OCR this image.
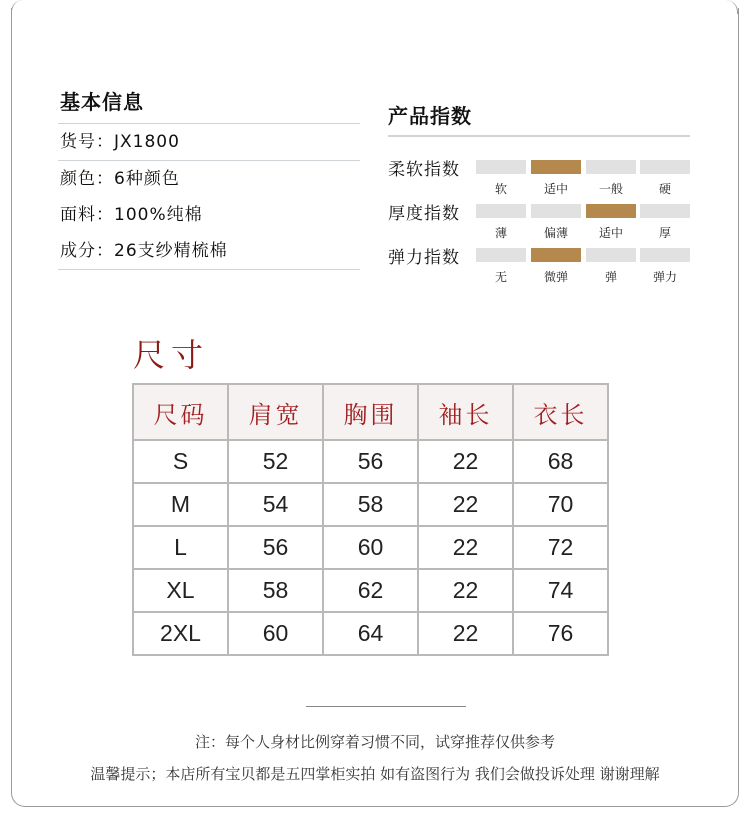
基本信息
货号：JX1800
颜色：6种颜色
面料：100%纯棉
成分：26支纱精梳棉
产品指数
柔软指数
软	适中	一般	硬
厚度指数
薄	偏薄	适中	厚
弹力指数
无	微弹	弹	弹力
尺寸
尺码	肩宽	胸围	袖长	衣长
S	52	56	22	68
M	54	58	22	70
L	56	60	22	72
XL	58	62	22	74
2XL	60	64	22	76
注：每个人身材比例穿着习惯不同，试穿推荐仅供参考
温馨提示；本店所有宝贝都是五四掌柜实拍 如有盗图行为 我们会做投诉处理 谢谢理解
